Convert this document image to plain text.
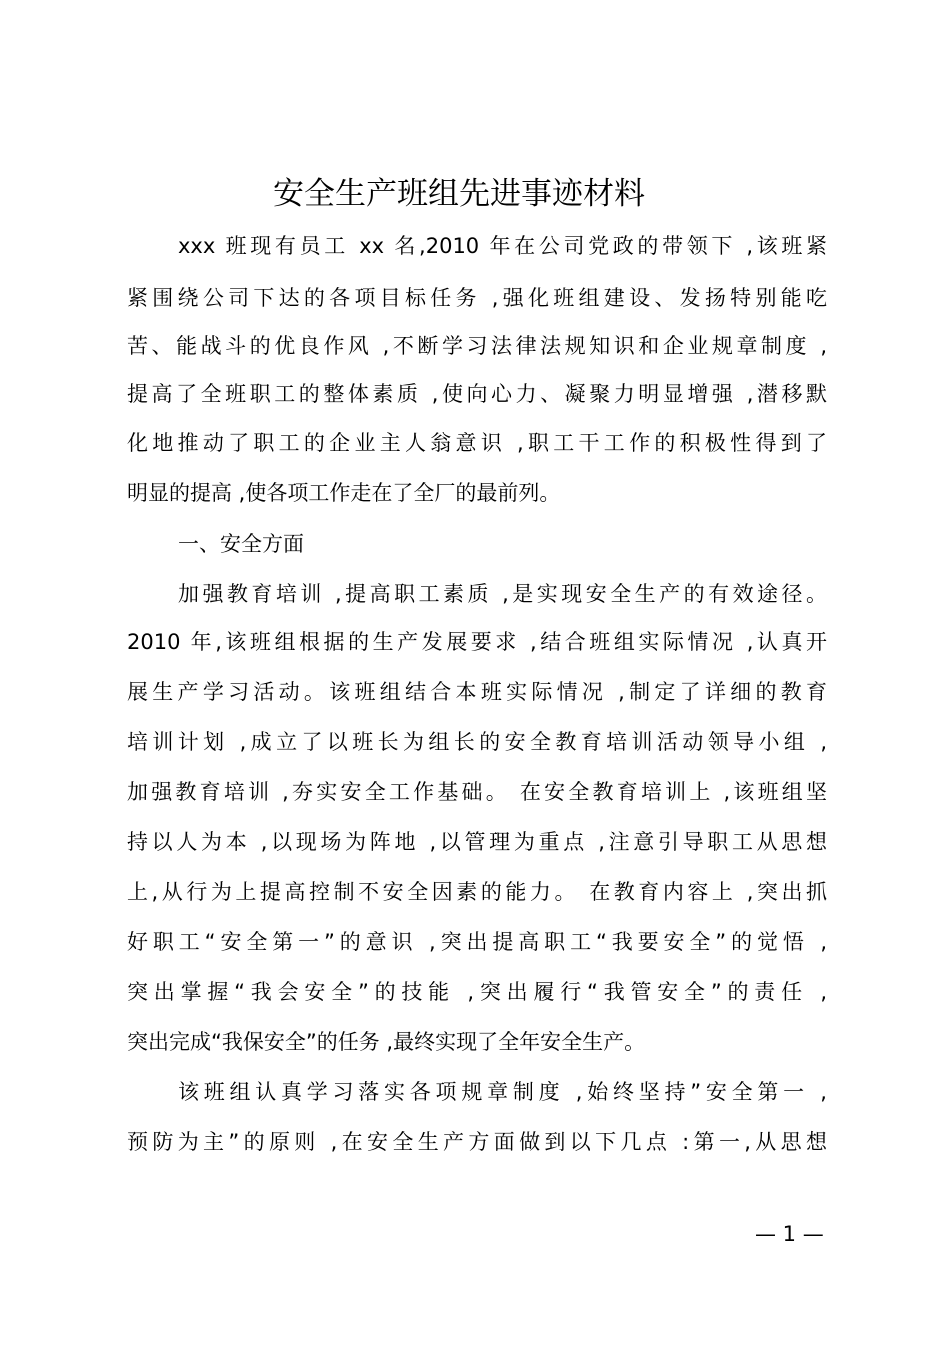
安全生产班组先进事迹材料
xxx 班现有员工 xx 名,2010 年在公司党政的带领下 ,该班紧
紧围绕公司下达的各项目标任务 ,强化班组建设、发扬特别能吃
苦、能战斗的优良作风 ,不断学习法律法规知识和企业规章制度 ,
提高了全班职工的整体素质 ,使向心力、凝聚力明显增强 ,潜移默
化地推动了职工的企业主人翁意识 ,职工干工作的积极性得到了
明显的提高 ,使各项工作走在了全厂的最前列。
一、安全方面
加强教育培训 ,提高职工素质 ,是实现安全生产的有效途径。
2010 年,该班组根据的生产发展要求 ,结合班组实际情况 ,认真开
展生产学习活动。该班组结合本班实际情况 ,制定了详细的教育
培训计划 ,成立了以班长为组长的安全教育培训活动领导小组 ,
加强教育培训 ,夯实安全工作基础。 在安全教育培训上 ,该班组坚
持以人为本 ,以现场为阵地 ,以管理为重点 ,注意引导职工从思想
上,从行为上提高控制不安全因素的能力。 在教育内容上 ,突出抓
好职工“安全第一”的意识 ,突出提高职工“我要安全”的觉悟 ,
突出掌握“我会安全”的技能 ,突出履行“我管安全”的责任 ,
突出完成“我保安全”的任务 ,最终实现了全年安全生产。
该班组认真学习落实各项规章制度 ,始终坚持”安全第一 ,
预防为主”的原则 ,在安全生产方面做到以下几点 :第一,从思想
— 1 —
